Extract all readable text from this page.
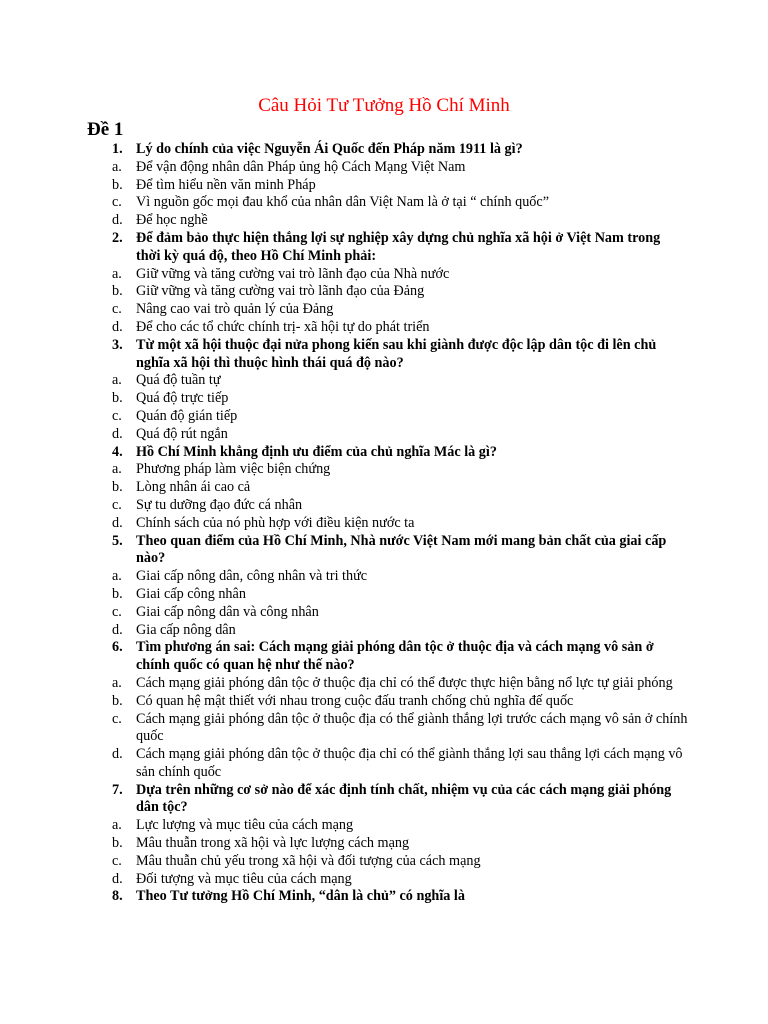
Câu Hỏi Tư Tưởng Hồ Chí Minh
Đề 1
1. Lý do chính của việc Nguyễn Ái Quốc đến Pháp năm 1911 là gì?
a. Để vận động nhân dân Pháp ủng hộ Cách Mạng Việt Nam
b. Để tìm hiểu nền văn minh Pháp
c. Vì nguồn gốc mọi đau khổ của nhân dân Việt Nam là ở tại “ chính quốc”
d. Để học nghề
2. Để đảm bảo thực hiện thắng lợi sự nghiệp xây dựng chủ nghĩa xã hội ở Việt Nam trong thời kỳ quá độ, theo Hồ Chí Minh phải:
a. Giữ vững và tăng cường vai trò lãnh đạo của Nhà nước
b. Giữ vững và tăng cường vai trò lãnh đạo của Đảng
c. Nâng cao vai trò quản lý của Đảng
d. Để cho các tổ chức chính trị- xã hội tự do phát triển
3. Từ một xã hội thuộc đại nửa phong kiến sau khi giành được độc lập dân tộc đi lên chủ nghĩa xã hội thì thuộc hình thái quá độ nào?
a. Quá độ tuần tự
b. Quá độ trực tiếp
c. Quán độ gián tiếp
d. Quá độ rút ngắn
4. Hồ Chí Minh khẳng định ưu điểm của chủ nghĩa Mác là gì?
a. Phương pháp làm việc biện chứng
b. Lòng nhân ái cao cả
c. Sự tu dưỡng đạo đức cá nhân
d. Chính sách của nó phù hợp với điều kiện nước ta
5. Theo quan điểm của Hồ Chí Minh, Nhà nước Việt Nam mới mang bản chất của giai cấp nào?
a. Giai cấp nông dân, công nhân và tri thức
b. Giai cấp công nhân
c. Giai cấp nông dân và công nhân
d. Gia cấp nông dân
6. Tìm phương án sai: Cách mạng giải phóng dân tộc ở thuộc địa và cách mạng vô sản ở chính quốc có quan hệ như thế nào?
a. Cách mạng giải phóng dân tộc ở thuộc địa chỉ có thể được thực hiện bằng nổ lực tự giải phóng
b. Có quan hệ mật thiết với nhau trong cuộc đấu tranh chống chủ nghĩa đế quốc
c. Cách mạng giải phóng dân tộc ở thuộc địa có thể giành thắng lợi trước cách mạng vô sản ở chính quốc
d. Cách mạng giải phóng dân tộc ở thuộc địa chỉ có thể giành thắng lợi sau thắng lợi cách mạng vô sản chính quốc
7. Dựa trên những cơ sở nào để xác định tính chất, nhiệm vụ của các cách mạng giải phóng dân tộc?
a. Lực lượng và mục tiêu của cách mạng
b. Mâu thuẫn trong xã hội và lực lượng cách mạng
c. Mâu thuẫn chủ yếu trong xã hội và đối tượng của cách mạng
d. Đối tượng và mục tiêu của cách mạng
8. Theo Tư tưởng Hồ Chí Minh, “dân là chủ” có nghĩa là
